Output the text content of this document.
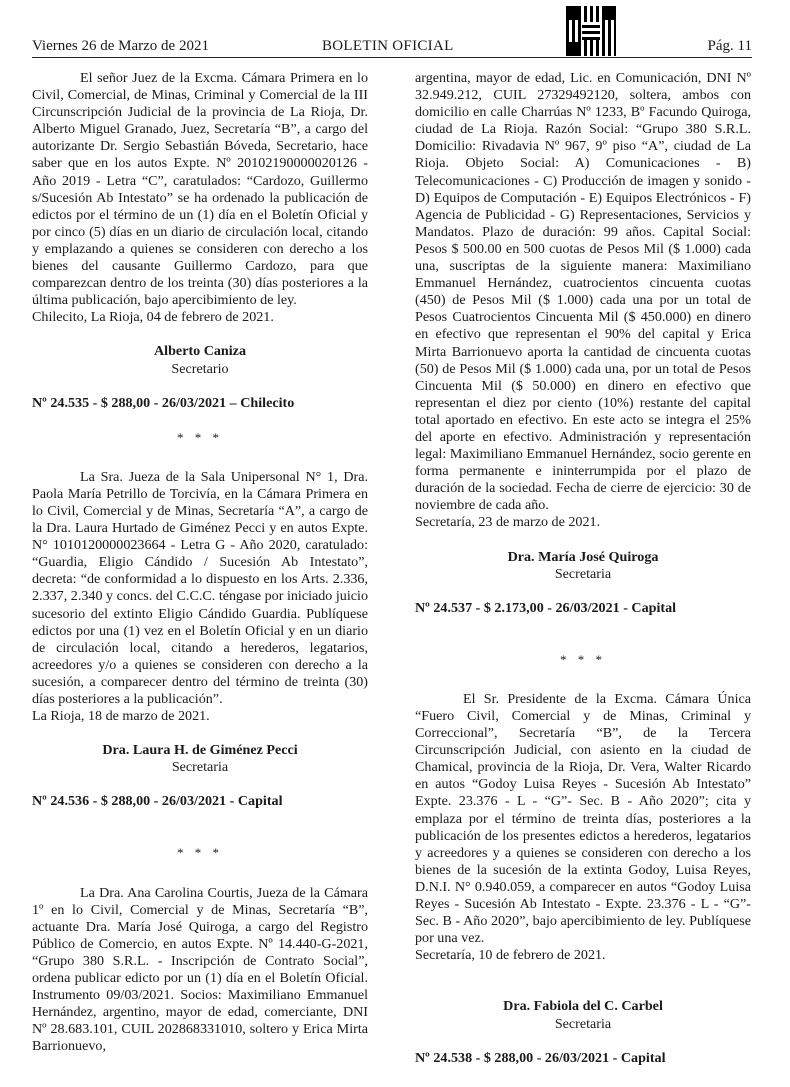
Viernes 26 de Marzo de 2021	BOLETIN OFICIAL	Pág. 11

El señor Juez de la Excma. Cámara Primera en lo Civil, Comercial, de Minas, Criminal y Comercial de la III Circunscripción Judicial de la provincia de La Rioja, Dr. Alberto Miguel Granado, Juez, Secretaría “B”, a cargo del autorizante Dr. Sergio Sebastián Bóveda, Secretario, hace saber que en los autos Expte. Nº 20102190000020126 - Año 2019 - Letra “C”, caratulados: “Cardozo, Guillermo s/Sucesión Ab Intestato” se ha ordenado la publicación de edictos por el término de un (1) día en el Boletín Oficial y por cinco (5) días en un diario de circulación local, citando y emplazando a quienes se consideren con derecho a los bienes del causante Guillermo Cardozo, para que comparezcan dentro de los treinta (30) días posteriores a la última publicación, bajo apercibimiento de ley.

Chilecito, La Rioja, 04 de febrero de 2021.

Alberto Caniza

Secretario

Nº 24.535 - $ 288,00 - 26/03/2021 – Chilecito

* * *

La Sra. Jueza de la Sala Unipersonal N° 1, Dra. Paola María Petrillo de Torcivía, en la Cámara Primera en lo Civil, Comercial y de Minas, Secretaría “A”, a cargo de la Dra. Laura Hurtado de Giménez Pecci y en autos Expte. N° 1010120000023664 - Letra G - Año 2020, caratulado: “Guardia, Eligio Cándido / Sucesión Ab Intestato”, decreta: “de conformidad a lo dispuesto en los Arts. 2.336, 2.337, 2.340 y concs. del C.C.C. téngase por iniciado juicio sucesorio del extinto Eligio Cándido Guardia. Publíquese edictos por una (1) vez en el Boletín Oficial y en un diario de circulación local, citando a herederos, legatarios, acreedores y/o a quienes se consideren con derecho a la sucesión, a comparecer dentro del término de treinta (30) días posteriores a la publicación”.

La Rioja, 18 de marzo de 2021.

Dra. Laura H. de Giménez Pecci

Secretaria

Nº 24.536 - $ 288,00 - 26/03/2021 - Capital

* * *

La Dra. Ana Carolina Courtis, Jueza de la Cámara 1º en lo Civil, Comercial y de Minas, Secretaría “B”, actuante Dra. María José Quiroga, a cargo del Registro Público de Comercio, en autos Expte. Nº 14.440-G-2021, “Grupo 380 S.R.L. - Inscripción de Contrato Social”, ordena publicar edicto por un (1) día en el Boletín Oficial. Instrumento 09/03/2021. Socios: Maximiliano Emmanuel Hernández, argentino, mayor de edad, comerciante, DNI Nº 28.683.101, CUIL 202868331010, soltero y Erica Mirta Barrionuevo,

argentina, mayor de edad, Lic. en Comunicación, DNI Nº 32.949.212, CUIL 27329492120, soltera, ambos con domicilio en calle Charrúas Nº 1233, Bº Facundo Quiroga, ciudad de La Rioja. Razón Social: “Grupo 380 S.R.L. Domicilio: Rivadavia Nº 967, 9º piso “A”, ciudad de La Rioja. Objeto Social: A) Comunicaciones - B) Telecomunicaciones - C) Producción de imagen y sonido - D) Equipos de Computación - E) Equipos Electrónicos - F) Agencia de Publicidad - G) Representaciones, Servicios y Mandatos. Plazo de duración: 99 años. Capital Social: Pesos $ 500.00 en 500 cuotas de Pesos Mil ($ 1.000) cada una, suscriptas de la siguiente manera: Maximiliano Emmanuel Hernández, cuatrocientos cincuenta cuotas (450) de Pesos Mil ($ 1.000) cada una por un total de Pesos Cuatrocientos Cincuenta Mil ($ 450.000) en dinero en efectivo que representan el 90% del capital y Erica Mirta Barrionuevo aporta la cantidad de cincuenta cuotas (50) de Pesos Mil ($ 1.000) cada una, por un total de Pesos Cincuenta Mil ($ 50.000) en dinero en efectivo que representan el diez por ciento (10%) restante del capital total aportado en efectivo. En este acto se integra el 25% del aporte en efectivo. Administración y representación legal: Maximiliano Emmanuel Hernández, socio gerente en forma permanente e ininterrumpida por el plazo de duración de la sociedad. Fecha de cierre de ejercicio: 30 de noviembre de cada año.

Secretaría, 23 de marzo de 2021.

Dra. María José Quiroga

Secretaria

Nº 24.537 - $ 2.173,00 - 26/03/2021 - Capital

* * *

El Sr. Presidente de la Excma. Cámara Única “Fuero Civil, Comercial y de Minas, Criminal y Correccional”, Secretaría “B”, de la Tercera Circunscripción Judicial, con asiento en la ciudad de Chamical, provincia de la Rioja, Dr. Vera, Walter Ricardo en autos “Godoy Luisa Reyes - Sucesión Ab Intestato” Expte. 23.376 - L - “G”- Sec. B - Año 2020”; cita y emplaza por el término de treinta días, posteriores a la publicación de los presentes edictos a herederos, legatarios y acreedores y a quienes se consideren con derecho a los bienes de la sucesión de la extinta Godoy, Luisa Reyes, D.N.I. N° 0.940.059, a comparecer en autos “Godoy Luisa Reyes - Sucesión Ab Intestato - Expte. 23.376 - L - “G”- Sec. B - Año 2020”, bajo apercibimiento de ley. Publíquese por una vez.

Secretaría, 10 de febrero de 2021.

Dra. Fabiola del C. Carbel

Secretaria

Nº 24.538 - $ 288,00 - 26/03/2021 - Capital
